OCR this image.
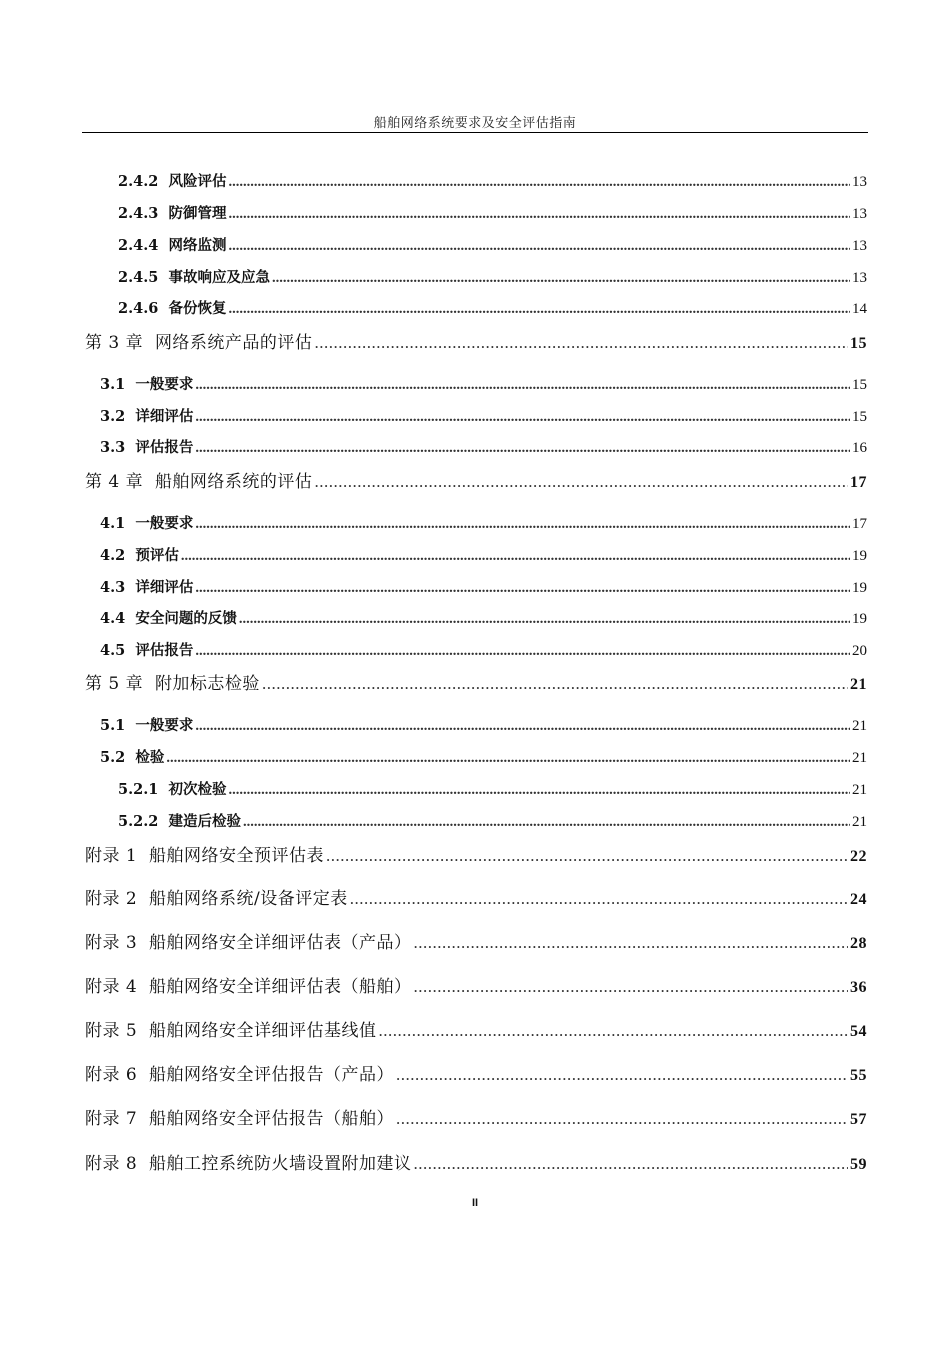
船舶网络系统要求及安全评估指南
2.4.2 风险评估 .....	13
2.4.3 防御管理 .....	13
2.4.4 网络监测 .....	13
2.4.5 事故响应及应急 .....	13
2.4.6 备份恢复 .....	14
第 3 章 网络系统产品的评估 .....	15
3.1 一般要求 .....	15
3.2 详细评估 .....	15
3.3 评估报告 .....	16
第 4 章 船舶网络系统的评估 .....	17
4.1 一般要求 .....	17
4.2 预评估 .....	19
4.3 详细评估 .....	19
4.4 安全问题的反馈 .....	19
4.5 评估报告 .....	20
第 5 章 附加标志检验 .....	21
5.1 一般要求 .....	21
5.2 检验 .....	21
5.2.1 初次检验 .....	21
5.2.2 建造后检验 .....	21
附录 1 船舶网络安全预评估表 .....	22
附录 2 船舶网络系统/设备评定表 .....	24
附录 3 船舶网络安全详细评估表（产品） .....	28
附录 4 船舶网络安全详细评估表（船舶） .....	36
附录 5 船舶网络安全详细评估基线值 .....	54
附录 6 船舶网络安全评估报告（产品） .....	55
附录 7 船舶网络安全评估报告（船舶） .....	57
附录 8 船舶工控系统防火墙设置附加建议 .....	59
II
